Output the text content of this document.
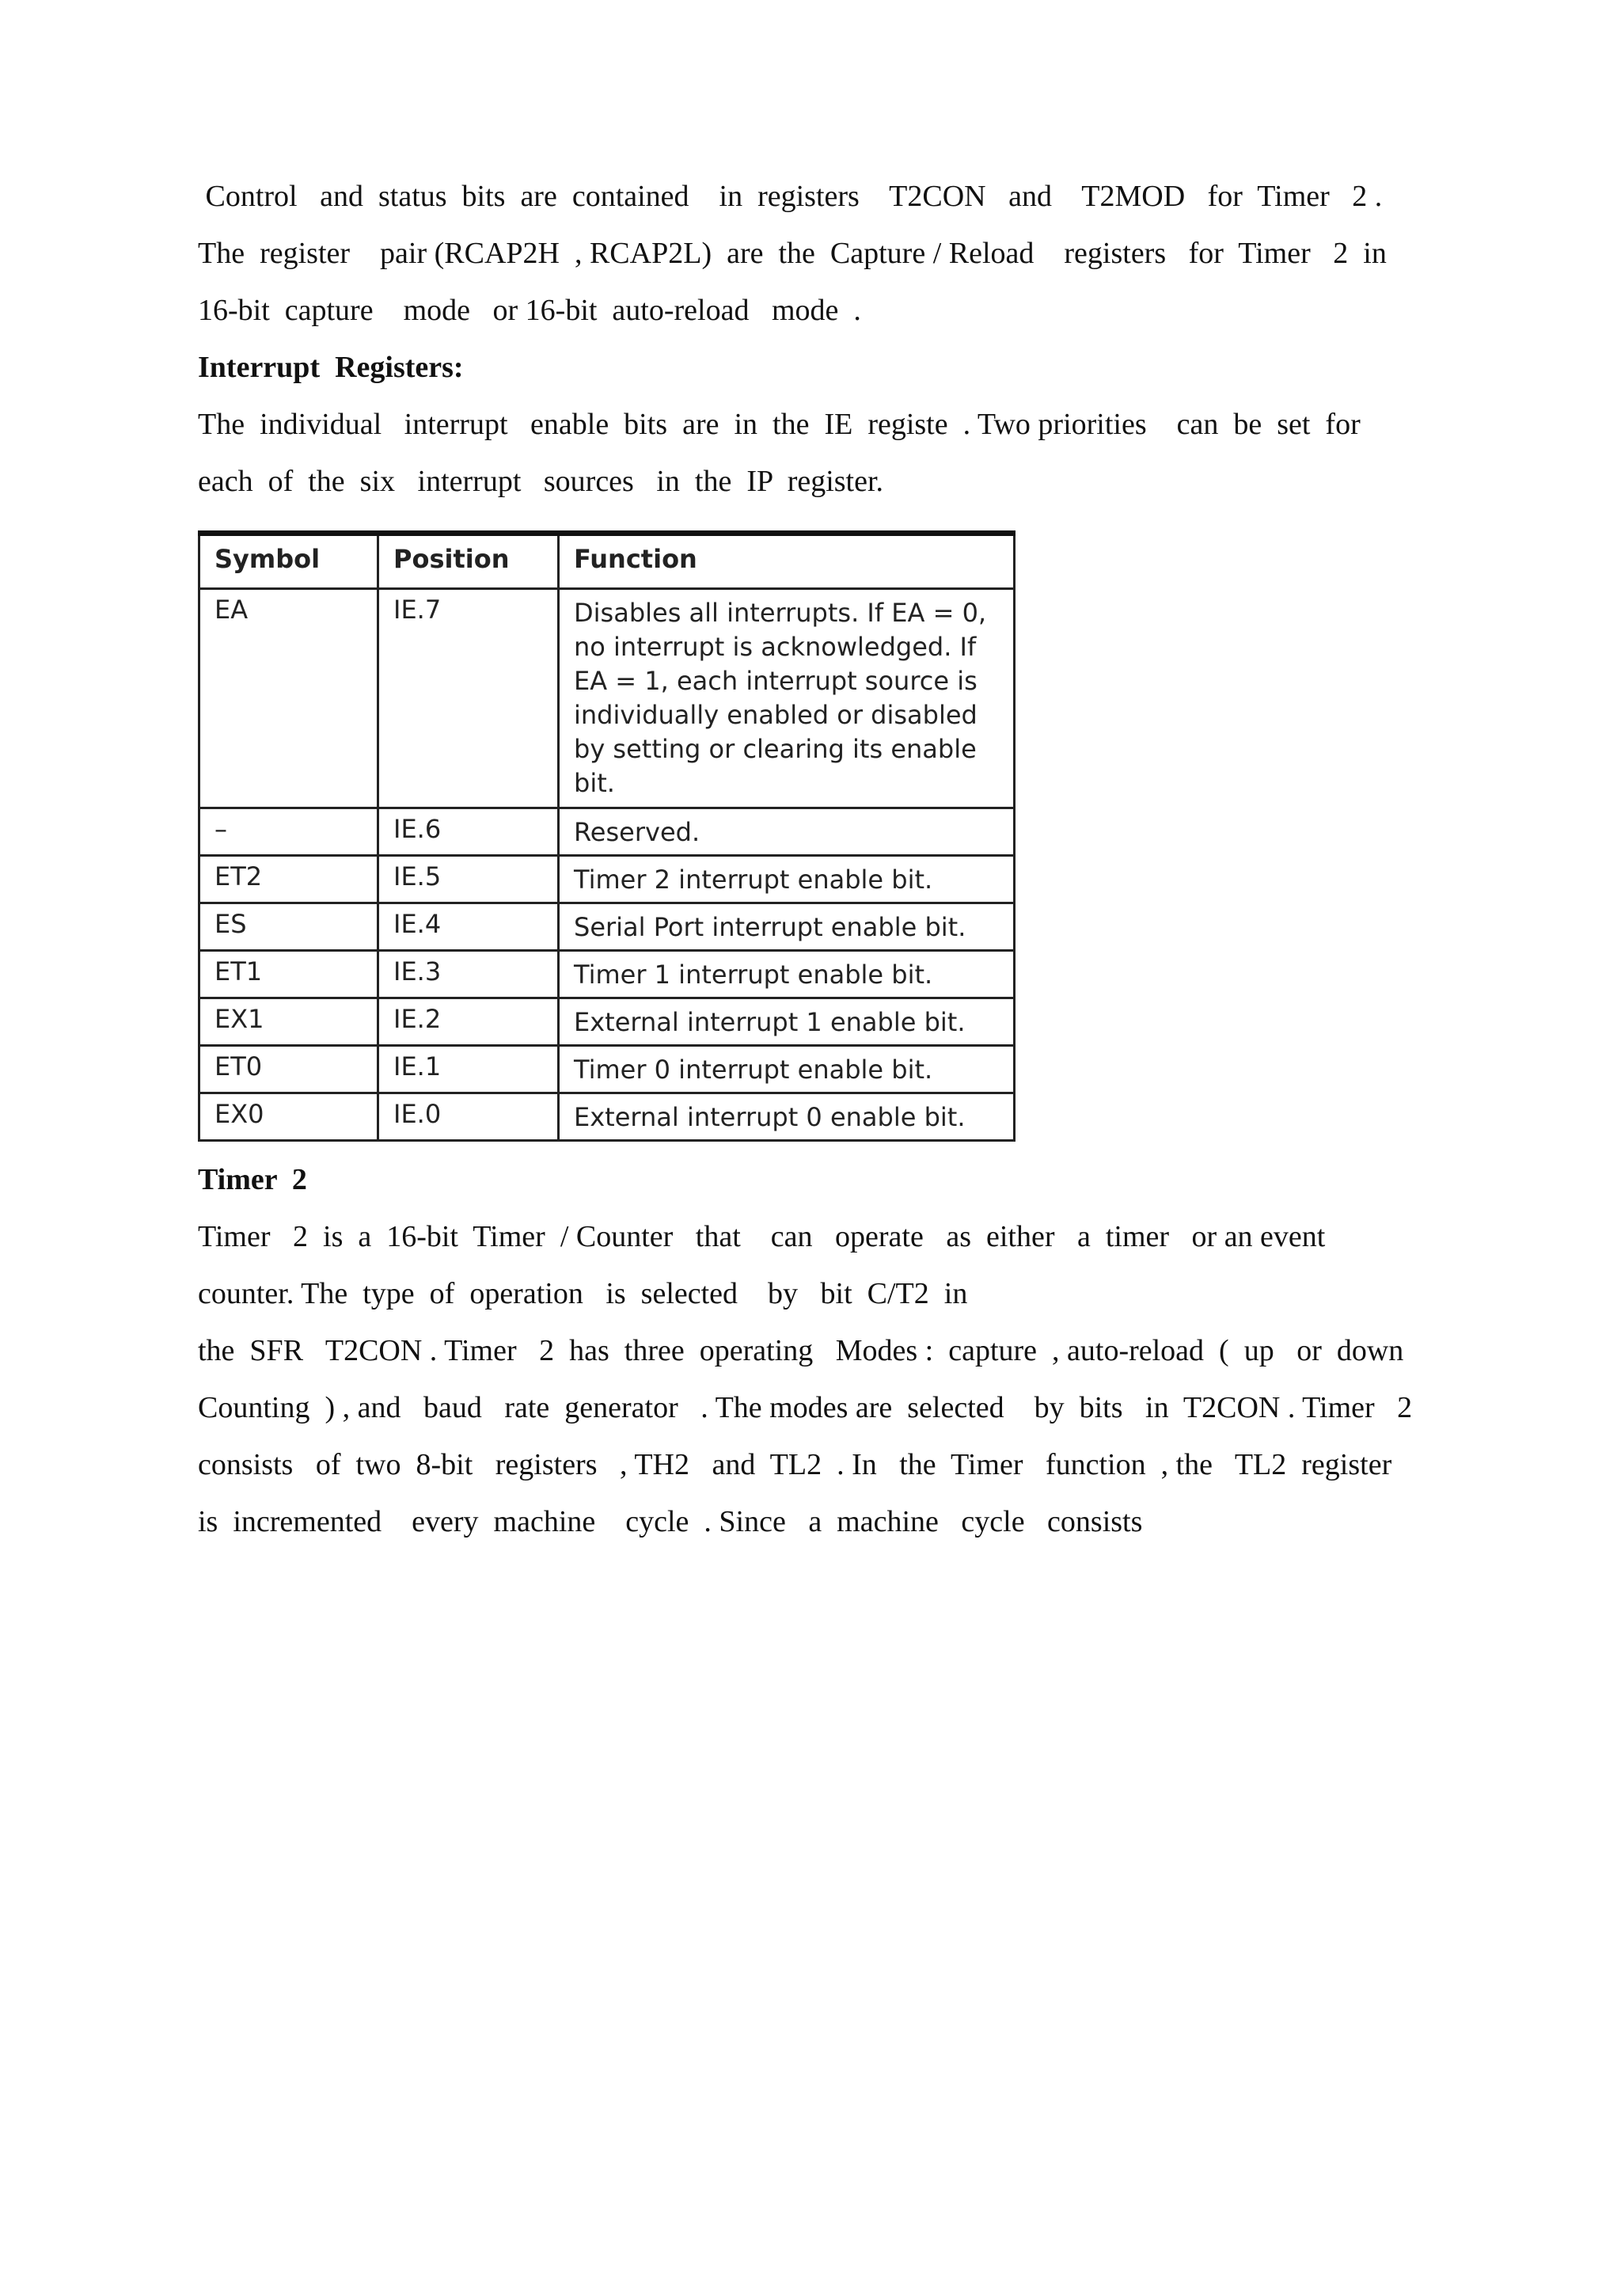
Control   and  status  bits  are  contained    in  registers    T2CON   and    T2MOD   for  Timer   2 .

The  register    pair (RCAP2H  , RCAP2L)  are  the  Capture / Reload    registers   for  Timer   2  in

16-bit  capture    mode   or 16-bit  auto-reload   mode  .

Interrupt  Registers:

The  individual   interrupt   enable  bits  are  in  the  IE  registe  . Two priorities    can  be  set  for

each  of  the  six   interrupt   sources   in  the  IP  register.

Symbol	Position	Function
EA	IE.7	Disables all interrupts. If EA = 0, no interrupt is acknowledged. If EA = 1, each interrupt source is individually enabled or disabled by setting or clearing its enable bit.
–	IE.6	Reserved.
ET2	IE.5	Timer 2 interrupt enable bit.
ES	IE.4	Serial Port interrupt enable bit.
ET1	IE.3	Timer 1 interrupt enable bit.
EX1	IE.2	External interrupt 1 enable bit.
ET0	IE.1	Timer 0 interrupt enable bit.
EX0	IE.0	External interrupt 0 enable bit.

Timer  2

Timer   2  is  a  16-bit  Timer  / Counter   that    can   operate   as  either   a  timer   or an event

counter. The  type  of  operation   is  selected    by   bit  C/T2  in

the  SFR   T2CON . Timer   2  has  three  operating   Modes :  capture  , auto-reload  (  up   or  down

Counting  ) , and   baud   rate  generator   . The modes are  selected    by  bits   in  T2CON . Timer   2

consists   of  two  8-bit   registers   , TH2   and  TL2  . In   the  Timer   function  , the   TL2  register

is  incremented    every  machine    cycle  . Since   a  machine   cycle   consists
